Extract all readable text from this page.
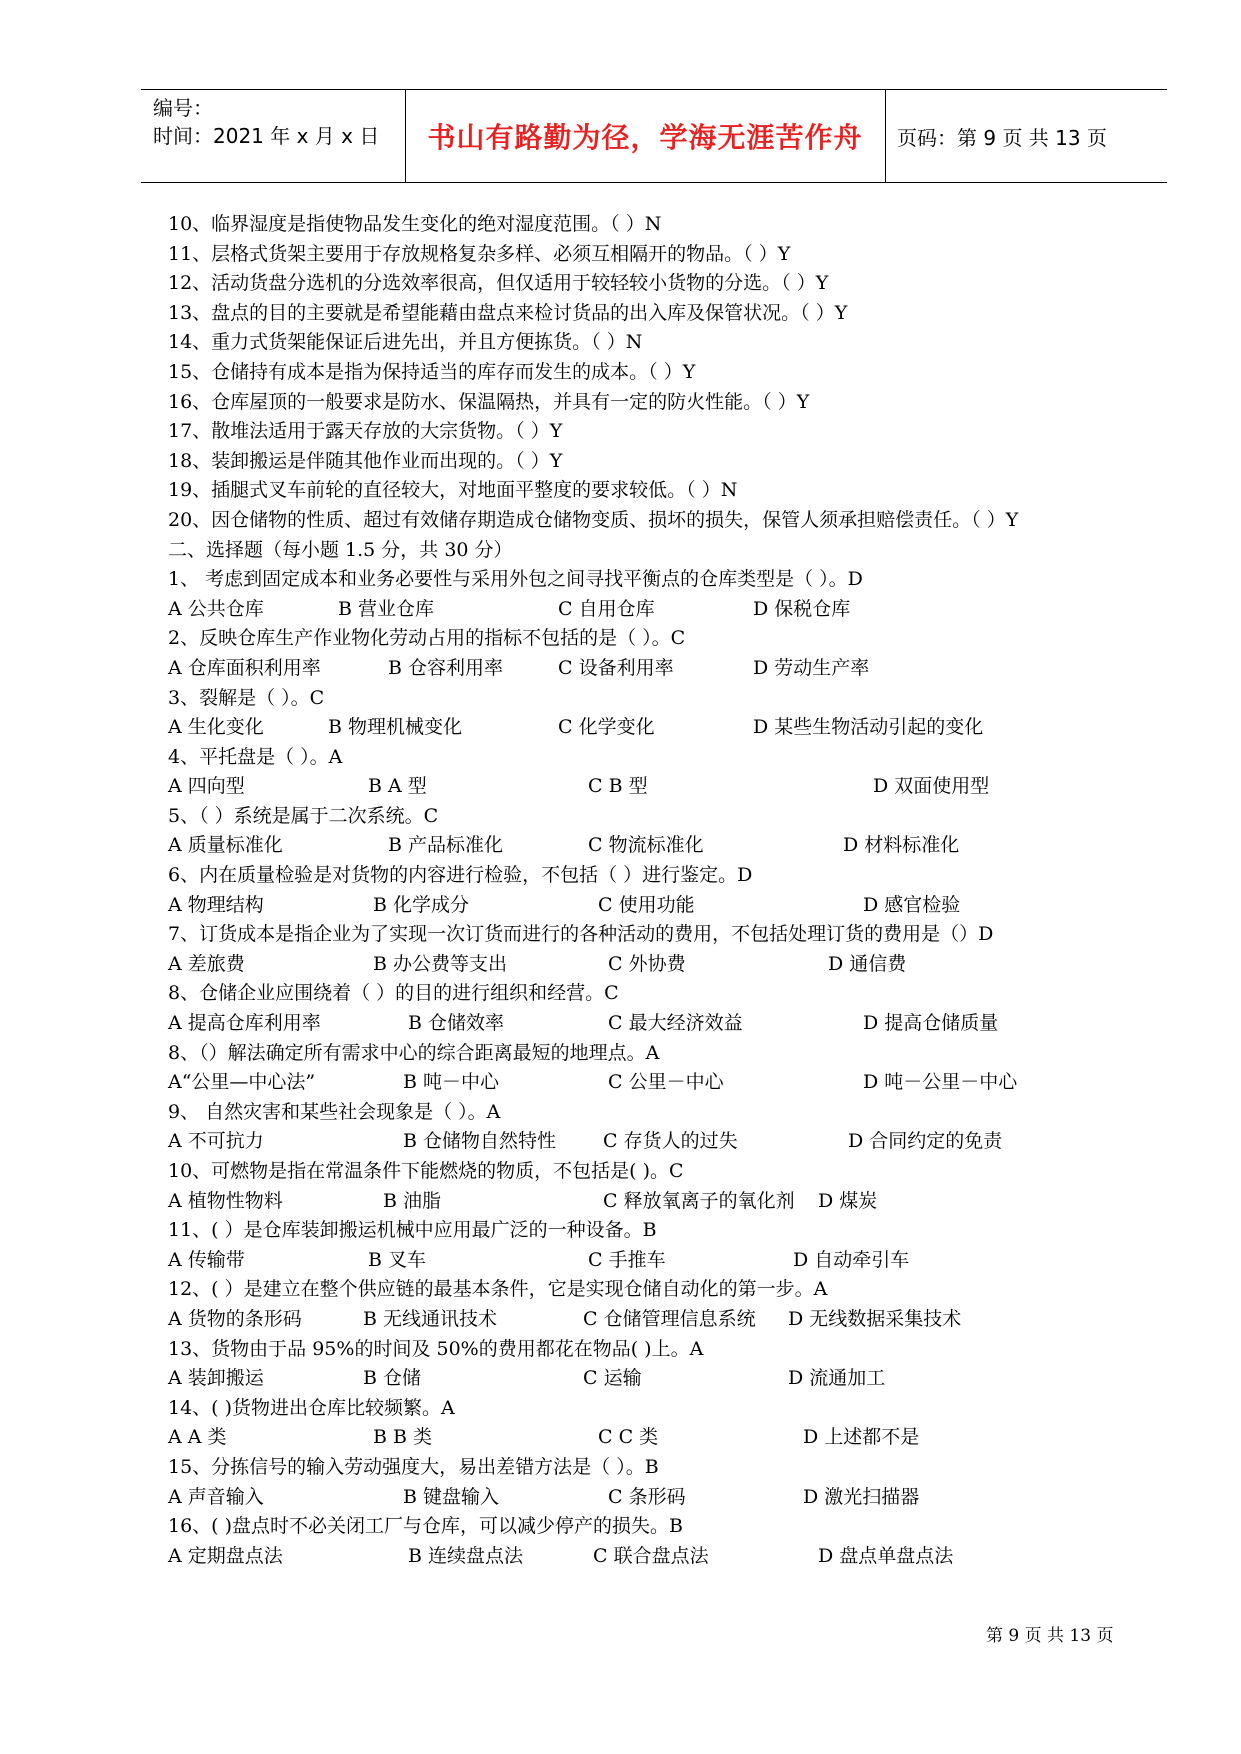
编号：
时间：2021 年 x 月 x 日	书山有路勤为径，学海无涯苦作舟	页码：第 9 页 共 13 页
10、临界湿度是指使物品发生变化的绝对湿度范围。（ ）N
11、层格式货架主要用于存放规格复杂多样、必须互相隔开的物品。（ ）Y
12、活动货盘分选机的分选效率很高，但仅适用于较轻较小货物的分选。（ ）Y
13、盘点的目的主要就是希望能藉由盘点来检讨货品的出入库及保管状况。（ ）Y
14、重力式货架能保证后进先出，并且方便拣货。（ ）N
15、仓储持有成本是指为保持适当的库存而发生的成本。（ ）Y
16、仓库屋顶的一般要求是防水、保温隔热，并具有一定的防火性能。（ ）Y
17、散堆法适用于露天存放的大宗货物。（ ）Y
18、装卸搬运是伴随其他作业而出现的。（ ）Y
19、插腿式叉车前轮的直径较大，对地面平整度的要求较低。（ ）N
20、因仓储物的性质、超过有效储存期造成仓储物变质、损坏的损失，保管人须承担赔偿责任。（ ）Y
二、选择题（每小题 1.5 分，共 30 分）
1、 考虑到固定成本和业务必要性与采用外包之间寻找平衡点的仓库类型是（ ）。D
A 公共仓库	B 营业仓库	C 自用仓库	D 保税仓库
2、反映仓库生产作业物化劳动占用的指标不包括的是（ ）。C
A 仓库面积利用率	B 仓容利用率	C 设备利用率	D 劳动生产率
3、裂解是（ ）。C
A 生化变化	B 物理机械变化	C 化学变化	D 某些生物活动引起的变化
4、平托盘是（ ）。A
A 四向型	B A 型	C B 型	D 双面使用型
5、（ ）系统是属于二次系统。C
A 质量标准化	B 产品标准化	C 物流标准化	D 材料标准化
6、内在质量检验是对货物的内容进行检验，不包括（ ）进行鉴定。D
A 物理结构	B 化学成分	C 使用功能	D 感官检验
7、订货成本是指企业为了实现一次订货而进行的各种活动的费用，不包括处理订货的费用是（）D
A 差旅费	B 办公费等支出	C 外协费	D 通信费
8、仓储企业应围绕着（ ）的目的进行组织和经营。C
A 提高仓库利用率	B 仓储效率	C 最大经济效益	D 提高仓储质量
8、（）解法确定所有需求中心的综合距离最短的地理点。A
A“公里—中心法”	B 吨－中心	C 公里－中心	D 吨－公里－中心
9、 自然灾害和某些社会现象是（ ）。A
A 不可抗力	B 仓储物自然特性 C 存货人的过失	D 合同约定的免责
10、可燃物是指在常温条件下能燃烧的物质，不包括是( )。C
A 植物性物料	B 油脂	C 释放氧离子的氧化剂 D 煤炭
11、( ）是仓库装卸搬运机械中应用最广泛的一种设备。B
A 传输带	B 叉车	C 手推车	D 自动牵引车
12、( ）是建立在整个供应链的最基本条件，它是实现仓储自动化的第一步。A
A 货物的条形码	B 无线通讯技术	C 仓储管理信息系统 D 无线数据采集技术
13、货物由于品 95%的时间及 50%的费用都花在物品( )上。A
A 装卸搬运	B 仓储	C 运输	D 流通加工
14、( )货物进出仓库比较频繁。A
A A 类	B B 类	C C 类	D 上述都不是
15、分拣信号的输入劳动强度大，易出差错方法是（ ）。B
A 声音输入	B 键盘输入	C 条形码	D 激光扫描器
16、( )盘点时不必关闭工厂与仓库，可以减少停产的损失。B
A 定期盘点法	B 连续盘点法	C 联合盘点法	D 盘点单盘点法
第 9 页 共 13 页
